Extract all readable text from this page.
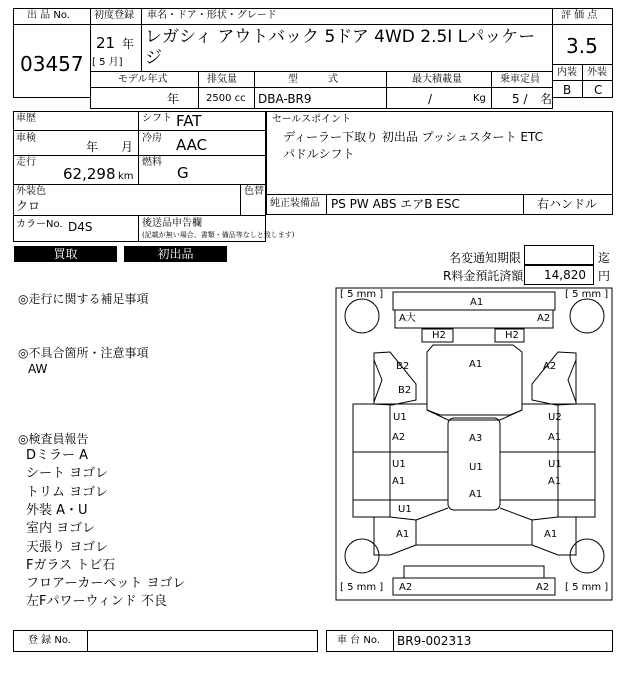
出 品 No.
03457
初度登録
21 年
[ 5 月]
車名・ドア・形状・グレード
レガシィ アウトバック 5ドア 4WD 2.5I Lパッケー
ジ
評 価 点
3.5
内装 外装
B C
モデル年式
年
排気量
2500 cc
型　　　式
DBA-BR9
最大積載量
/	Kg
乗車定員
5 / 名
車歴
車検
年 月
走行
62,298 km
シフト FAT
冷房 AAC
燃料
G
外装色
クロ
色替
カラーNo. D4S	後送品申告欄
(記載が無い場合、書類・備品等なしと致します)
セールスポイント
ディーラー下取り 初出品 プッシュスタート ETC
パドルシフト
純正装備品 PS PW ABS エアB ESC	右ハンドル
買取	初出品	名変通知期限	迄
R料金預託済額 14,820 円
◎走行に関する補足事項
◎不具合箇所・注意事項
AW
◎検査員報告
Dミラー A
シート ヨゴレ
トリム ヨゴレ
外装 A・U
室内 ヨゴレ
天張り ヨゴレ
Fガラス トビ石
フロアーカーペット ヨゴレ
左Fパワーウィンド 不良
[ 5 mm ]	[ 5 mm ]
[ 5 mm ]	[ 5 mm ]
A1
A大	A2
H2	H2
B2	A1	A2
B2
U1
A2	A3
U2
A1
U1	U1	U1
A1	A1
U1
A1
A1
A1
A2	A2
登 録 No.	車 台 No. BR9-002313
